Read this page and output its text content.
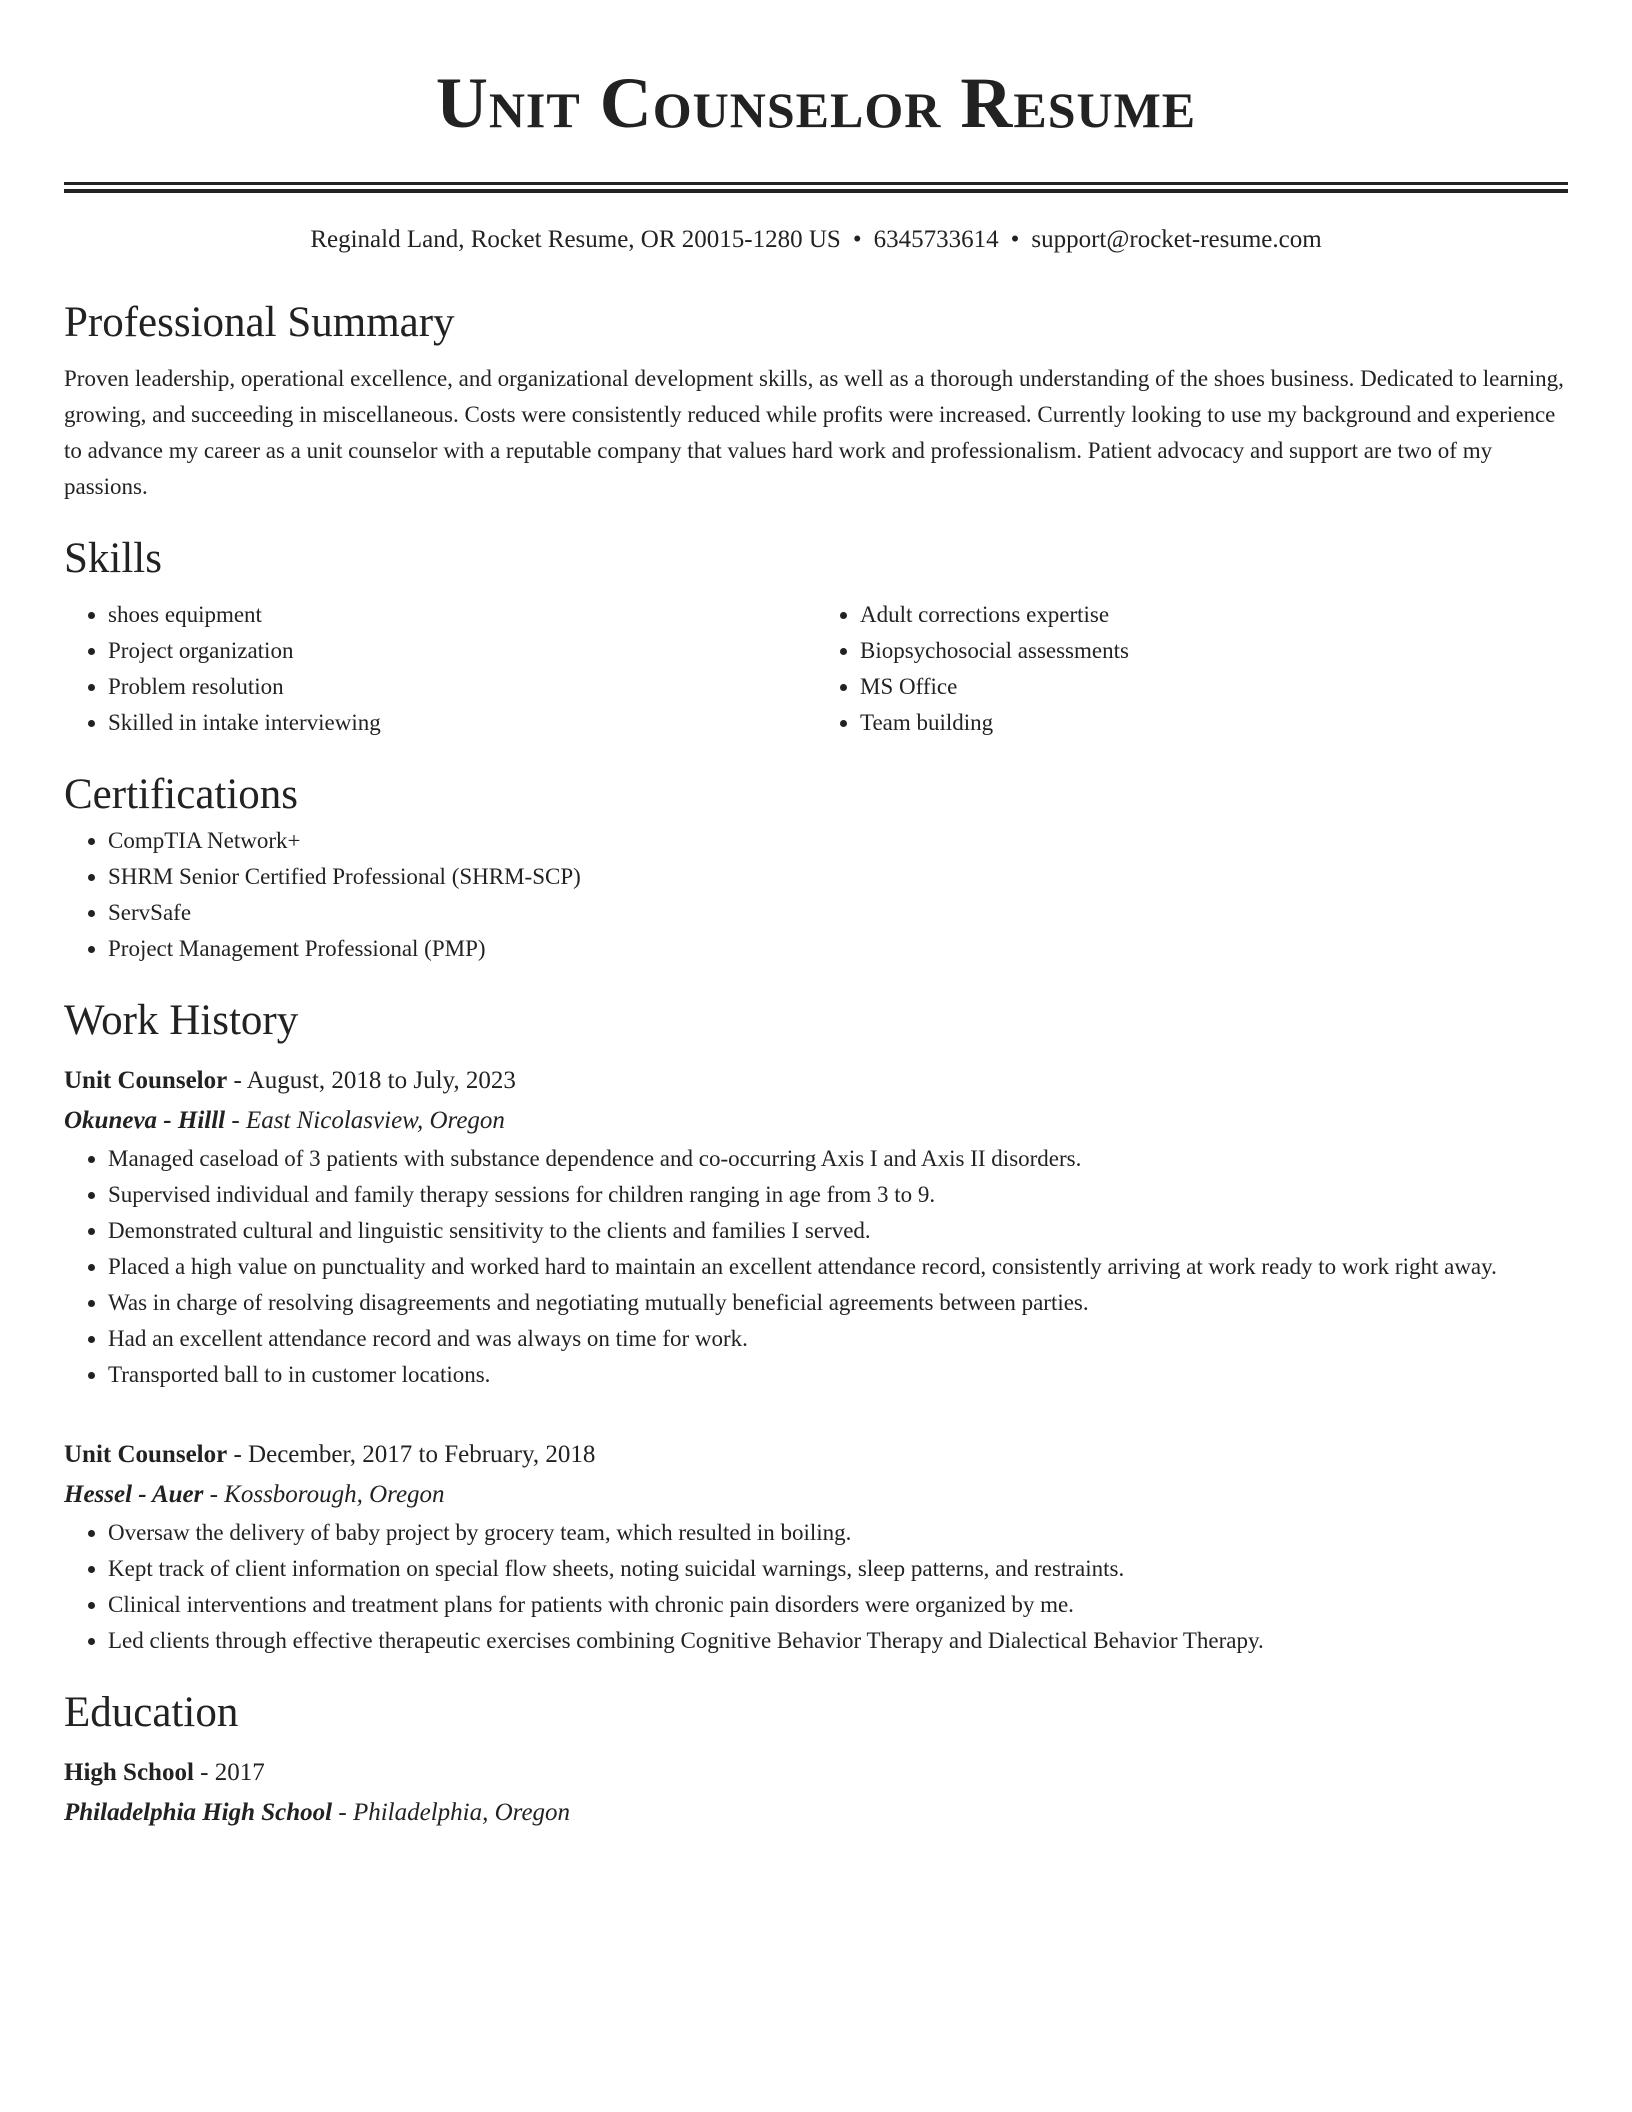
Unit Counselor Resume
Reginald Land, Rocket Resume, OR 20015-1280 US • 6345733614 • support@rocket-resume.com
Professional Summary

Proven leadership, operational excellence, and organizational development skills, as well as a thorough understanding of the shoes business. Dedicated to learning, growing, and succeeding in miscellaneous. Costs were consistently reduced while profits were increased. Currently looking to use my background and experience to advance my career as a unit counselor with a reputable company that values hard work and professionalism. Patient advocacy and support are two of my passions.

Skills
• shoes equipment
• Project organization
• Problem resolution
• Skilled in intake interviewing
• Adult corrections expertise
• Biopsychosocial assessments
• MS Office
• Team building
Certifications
• CompTIA Network+
• SHRM Senior Certified Professional (SHRM-SCP)
• ServSafe
• Project Management Professional (PMP)
Work History
Unit Counselor - August, 2018 to July, 2023
Okuneva - Hilll - East Nicolasview, Oregon
• Managed caseload of 3 patients with substance dependence and co-occurring Axis I and Axis II disorders.
• Supervised individual and family therapy sessions for children ranging in age from 3 to 9.
• Demonstrated cultural and linguistic sensitivity to the clients and families I served.
• Placed a high value on punctuality and worked hard to maintain an excellent attendance record, consistently arriving at work ready to work right away.
• Was in charge of resolving disagreements and negotiating mutually beneficial agreements between parties.
• Had an excellent attendance record and was always on time for work.
• Transported ball to in customer locations.
Unit Counselor - December, 2017 to February, 2018
Hessel - Auer - Kossborough, Oregon
• Oversaw the delivery of baby project by grocery team, which resulted in boiling.
• Kept track of client information on special flow sheets, noting suicidal warnings, sleep patterns, and restraints.
• Clinical interventions and treatment plans for patients with chronic pain disorders were organized by me.
• Led clients through effective therapeutic exercises combining Cognitive Behavior Therapy and Dialectical Behavior Therapy.
Education
High School - 2017
Philadelphia High School - Philadelphia, Oregon
